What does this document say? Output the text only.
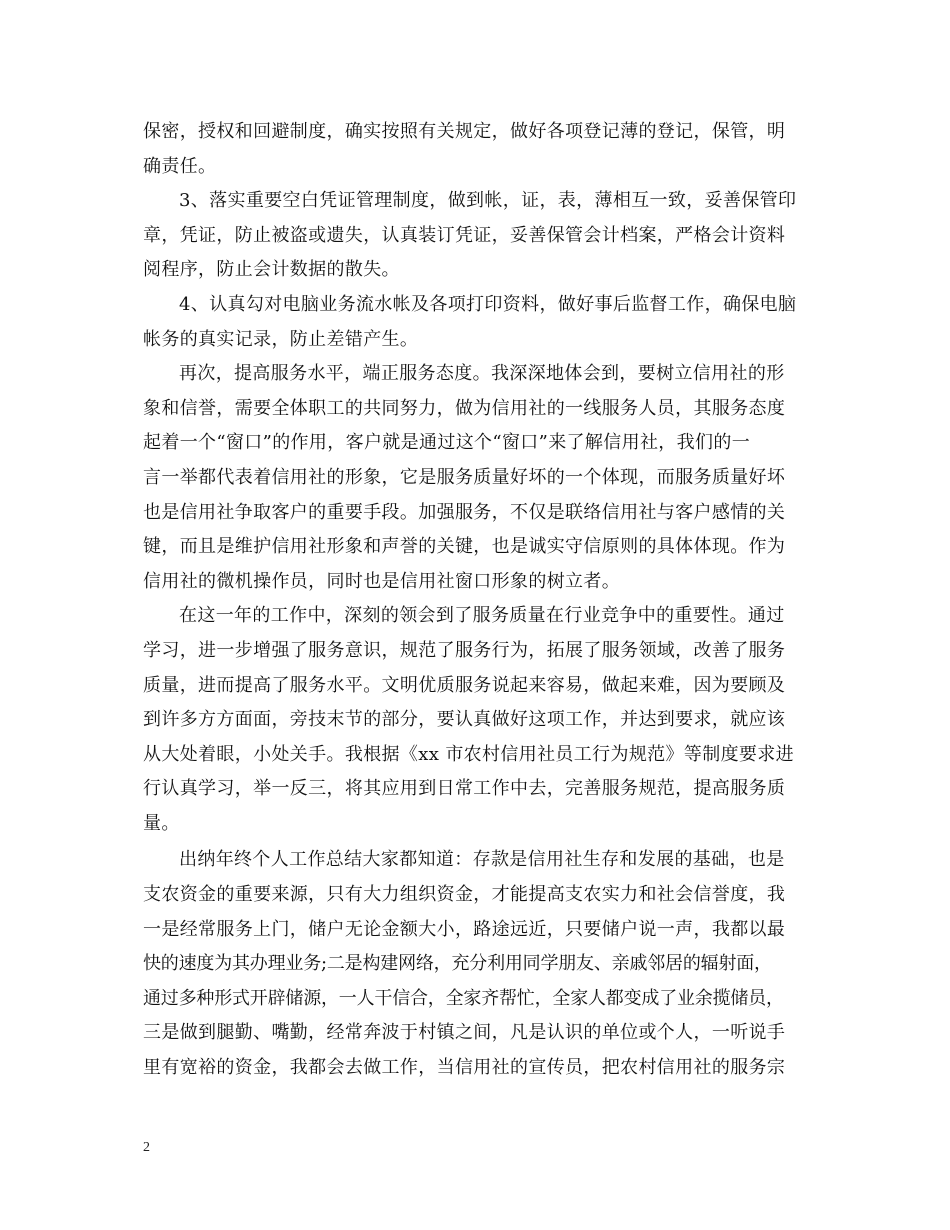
保密，授权和回避制度，确实按照有关规定，做好各项登记薄的登记，保管，明
确责任。
3、落实重要空白凭证管理制度，做到帐，证，表，薄相互一致，妥善保管印
章，凭证，防止被盗或遗失，认真装订凭证，妥善保管会计档案，严格会计资料
阅程序，防止会计数据的散失。
4、认真勾对电脑业务流水帐及各项打印资料，做好事后监督工作，确保电脑
帐务的真实记录，防止差错产生。
再次，提高服务水平，端正服务态度。我深深地体会到，要树立信用社的形
象和信誉，需要全体职工的共同努力，做为信用社的一线服务人员，其服务态度
起着一个“窗口”的作用，客户就是通过这个“窗口”来了解信用社，我们的一
言一举都代表着信用社的形象，它是服务质量好坏的一个体现，而服务质量好坏
也是信用社争取客户的重要手段。加强服务，不仅是联络信用社与客户感情的关
键，而且是维护信用社形象和声誉的关键，也是诚实守信原则的具体体现。作为
信用社的微机操作员，同时也是信用社窗口形象的树立者。
在这一年的工作中，深刻的领会到了服务质量在行业竞争中的重要性。通过
学习，进一步增强了服务意识，规范了服务行为，拓展了服务领域，改善了服务
质量，进而提高了服务水平。文明优质服务说起来容易，做起来难，因为要顾及
到许多方方面面，旁技末节的部分，要认真做好这项工作，并达到要求，就应该
从大处着眼，小处关手。我根据《xx 市农村信用社员工行为规范》等制度要求进
行认真学习，举一反三，将其应用到日常工作中去，完善服务规范，提高服务质
量。
出纳年终个人工作总结大家都知道：存款是信用社生存和发展的基础，也是
支农资金的重要来源，只有大力组织资金，才能提高支农实力和社会信誉度，我
一是经常服务上门，储户无论金额大小，路途远近，只要储户说一声，我都以最
快的速度为其办理业务;二是构建网络，充分利用同学朋友、亲戚邻居的辐射面，
通过多种形式开辟储源，一人干信合，全家齐帮忙，全家人都变成了业余揽储员，
三是做到腿勤、嘴勤，经常奔波于村镇之间，凡是认识的单位或个人，一听说手
里有宽裕的资金，我都会去做工作，当信用社的宣传员，把农村信用社的服务宗
2
